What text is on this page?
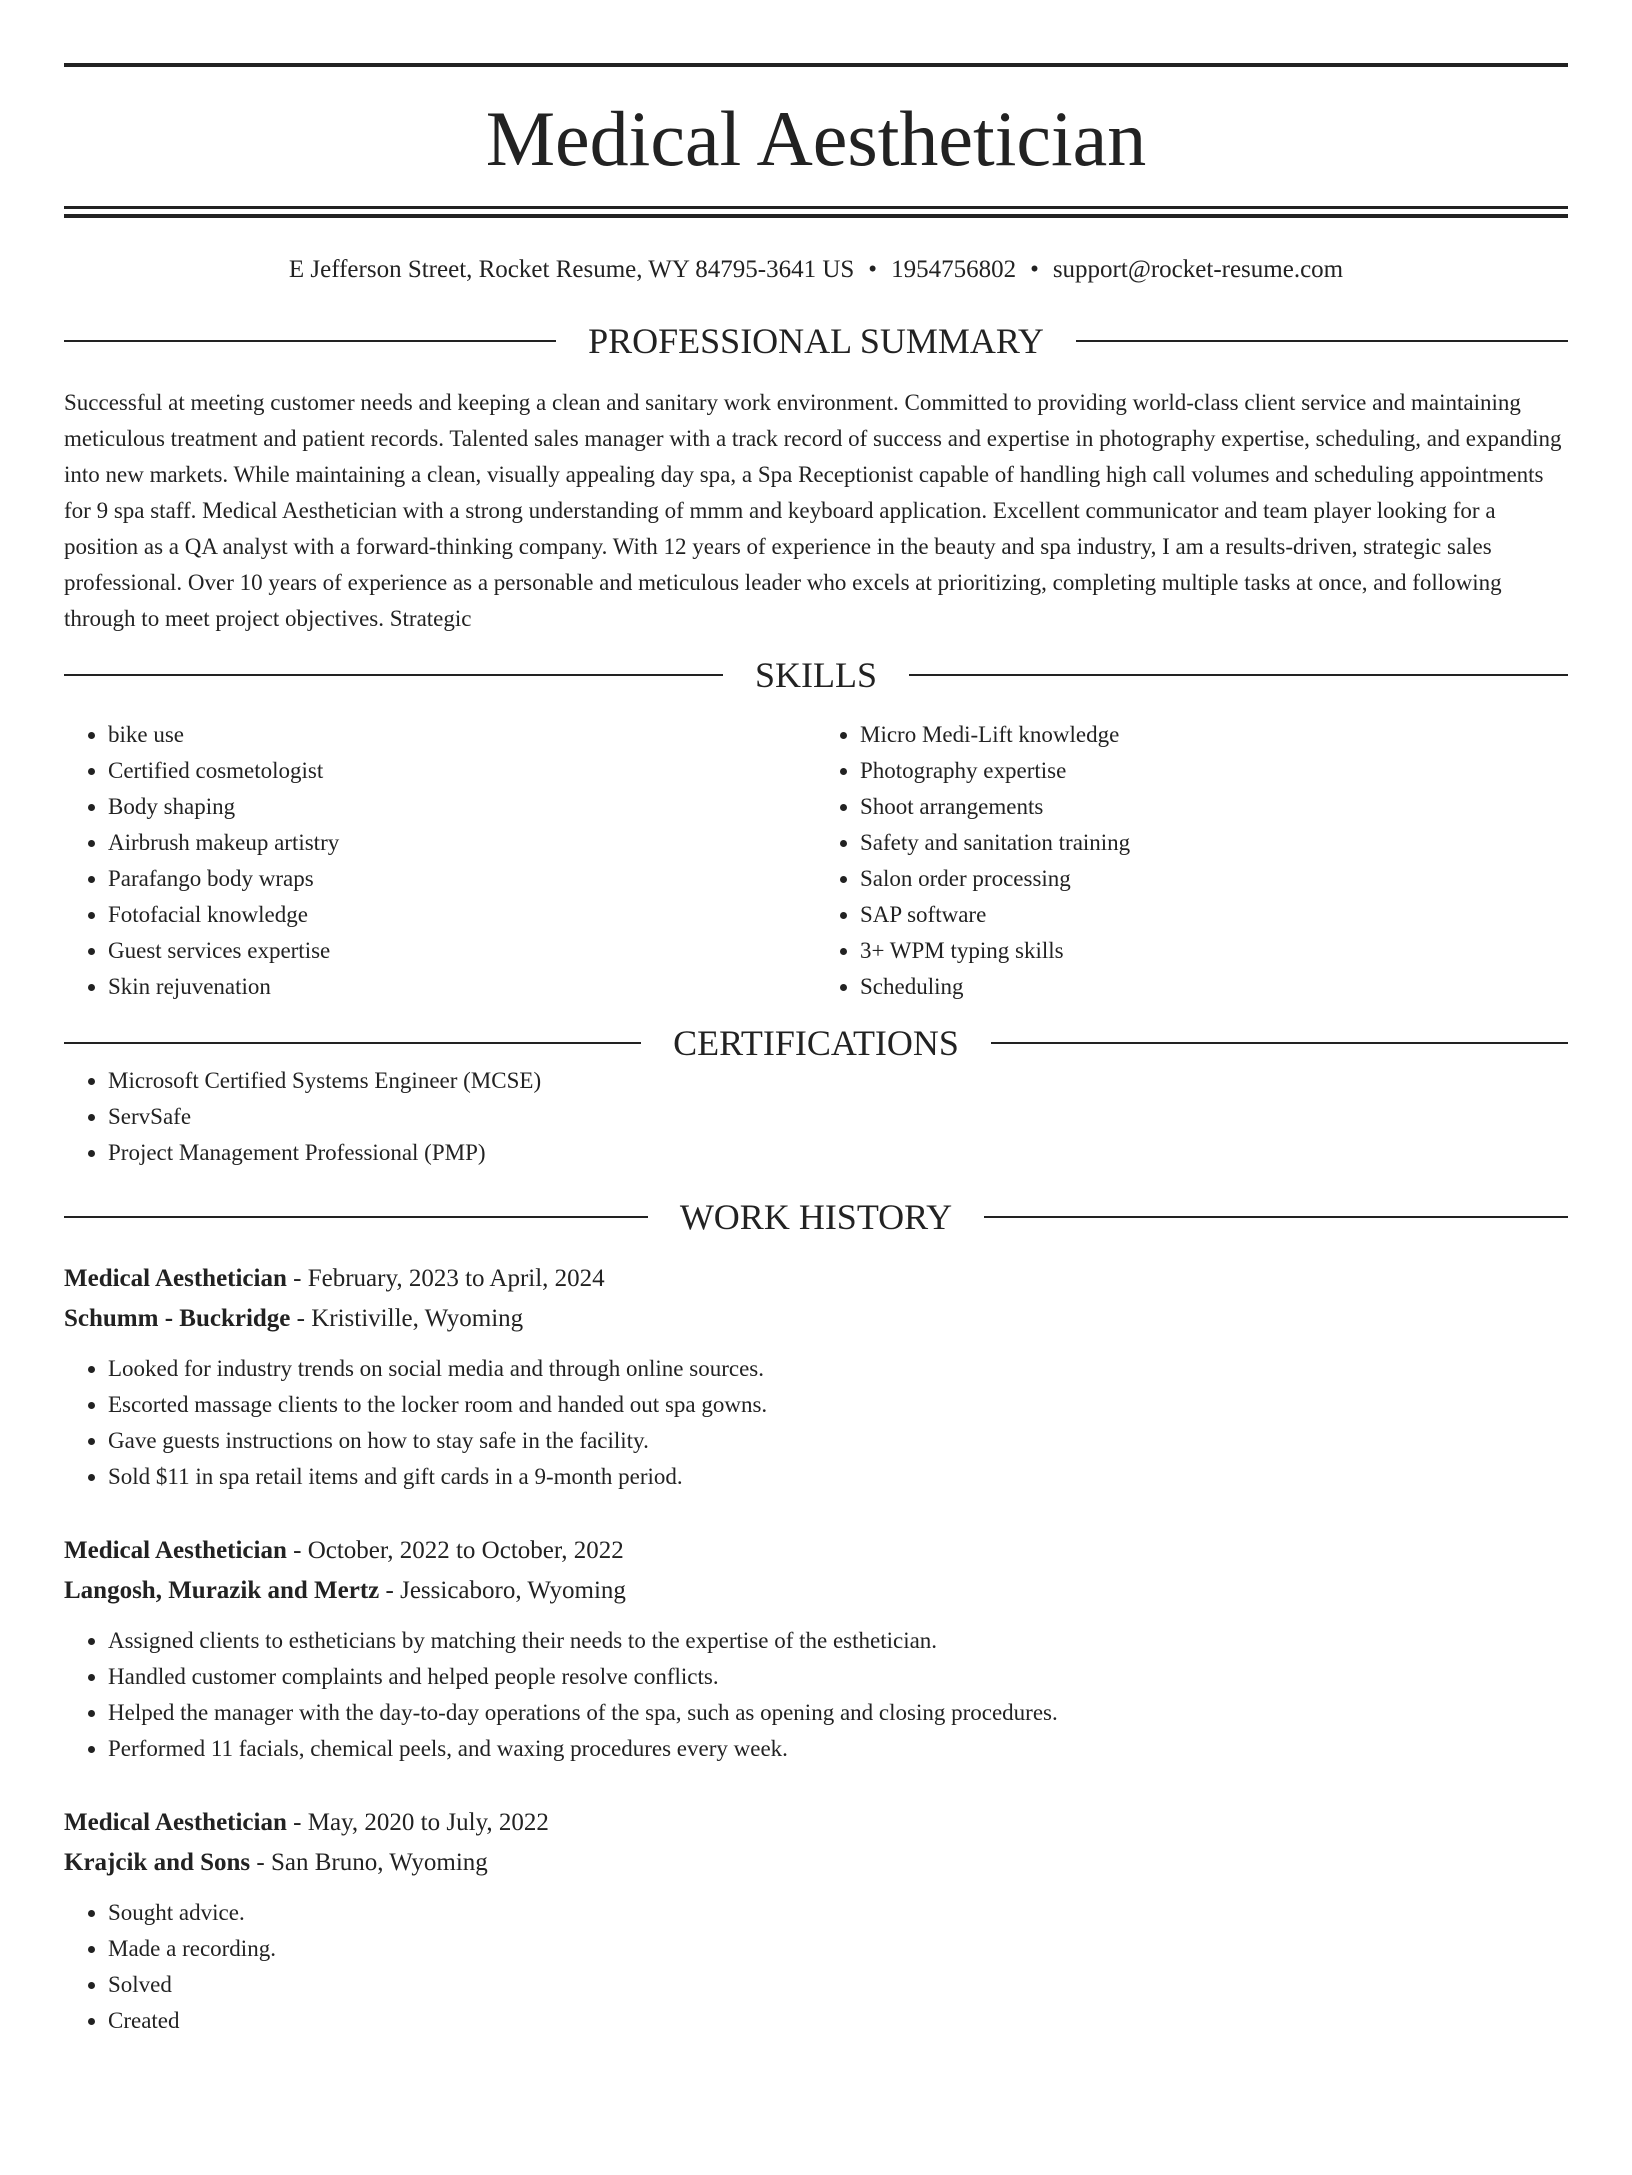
Medical Aesthetician
E Jefferson Street, Rocket Resume, WY 84795-3641 US • 1954756802 • support@rocket-resume.com
PROFESSIONAL SUMMARY

Successful at meeting customer needs and keeping a clean and sanitary work environment. Committed to providing world-class client service and maintaining meticulous treatment and patient records. Talented sales manager with a track record of success and expertise in photography expertise, scheduling, and expanding into new markets. While maintaining a clean, visually appealing day spa, a Spa Receptionist capable of handling high call volumes and scheduling appointments for 9 spa staff. Medical Aesthetician with a strong understanding of mmm and keyboard application. Excellent communicator and team player looking for a position as a QA analyst with a forward-thinking company. With 12 years of experience in the beauty and spa industry, I am a results-driven, strategic sales professional. Over 10 years of experience as a personable and meticulous leader who excels at prioritizing, completing multiple tasks at once, and following through to meet project objectives. Strategic

SKILLS
• bike use
• Certified cosmetologist
• Body shaping
• Airbrush makeup artistry
• Parafango body wraps
• Fotofacial knowledge
• Guest services expertise
• Skin rejuvenation
• Micro Medi-Lift knowledge
• Photography expertise
• Shoot arrangements
• Safety and sanitation training
• Salon order processing
• SAP software
• 3+ WPM typing skills
• Scheduling
CERTIFICATIONS
• Microsoft Certified Systems Engineer (MCSE)
• ServSafe
• Project Management Professional (PMP)
WORK HISTORY
Medical Aesthetician - February, 2023 to April, 2024
Schumm - Buckridge - Kristiville, Wyoming
• Looked for industry trends on social media and through online sources.
• Escorted massage clients to the locker room and handed out spa gowns.
• Gave guests instructions on how to stay safe in the facility.
• Sold $11 in spa retail items and gift cards in a 9-month period.
Medical Aesthetician - October, 2022 to October, 2022
Langosh, Murazik and Mertz - Jessicaboro, Wyoming
• Assigned clients to estheticians by matching their needs to the expertise of the esthetician.
• Handled customer complaints and helped people resolve conflicts.
• Helped the manager with the day-to-day operations of the spa, such as opening and closing procedures.
• Performed 11 facials, chemical peels, and waxing procedures every week.
Medical Aesthetician - May, 2020 to July, 2022
Krajcik and Sons - San Bruno, Wyoming
• Sought advice.
• Made a recording.
• Solved
• Created
